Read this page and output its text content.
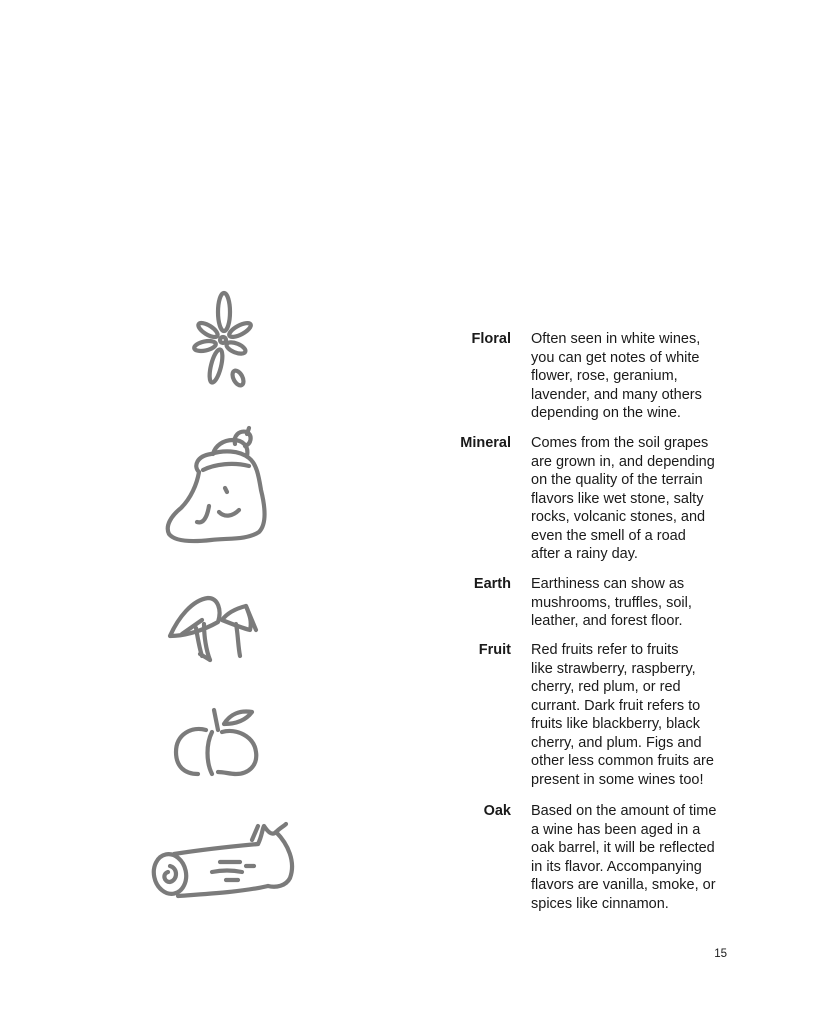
Floral Often seen in white wines,
you can get notes of white
flower, rose, geranium,
lavender, and many others
depending on the wine.
Mineral Comes from the soil grapes
are grown in, and depending
on the quality of the terrain
flavors like wet stone, salty
rocks, volcanic stones, and
even the smell of a road
after a rainy day.
Earth Earthiness can show as
mushrooms, truffles, soil,
leather, and forest floor.
Fruit Red fruits refer to fruits
like strawberry, raspberry,
cherry, red plum, or red
currant. Dark fruit refers to
fruits like blackberry, black
cherry, and plum. Figs and
other less common fruits are
present in some wines too!
Oak Based on the amount of time
a wine has been aged in a
oak barrel, it will be reflected
in its flavor. Accompanying
flavors are vanilla, smoke, or
spices like cinnamon.
15
